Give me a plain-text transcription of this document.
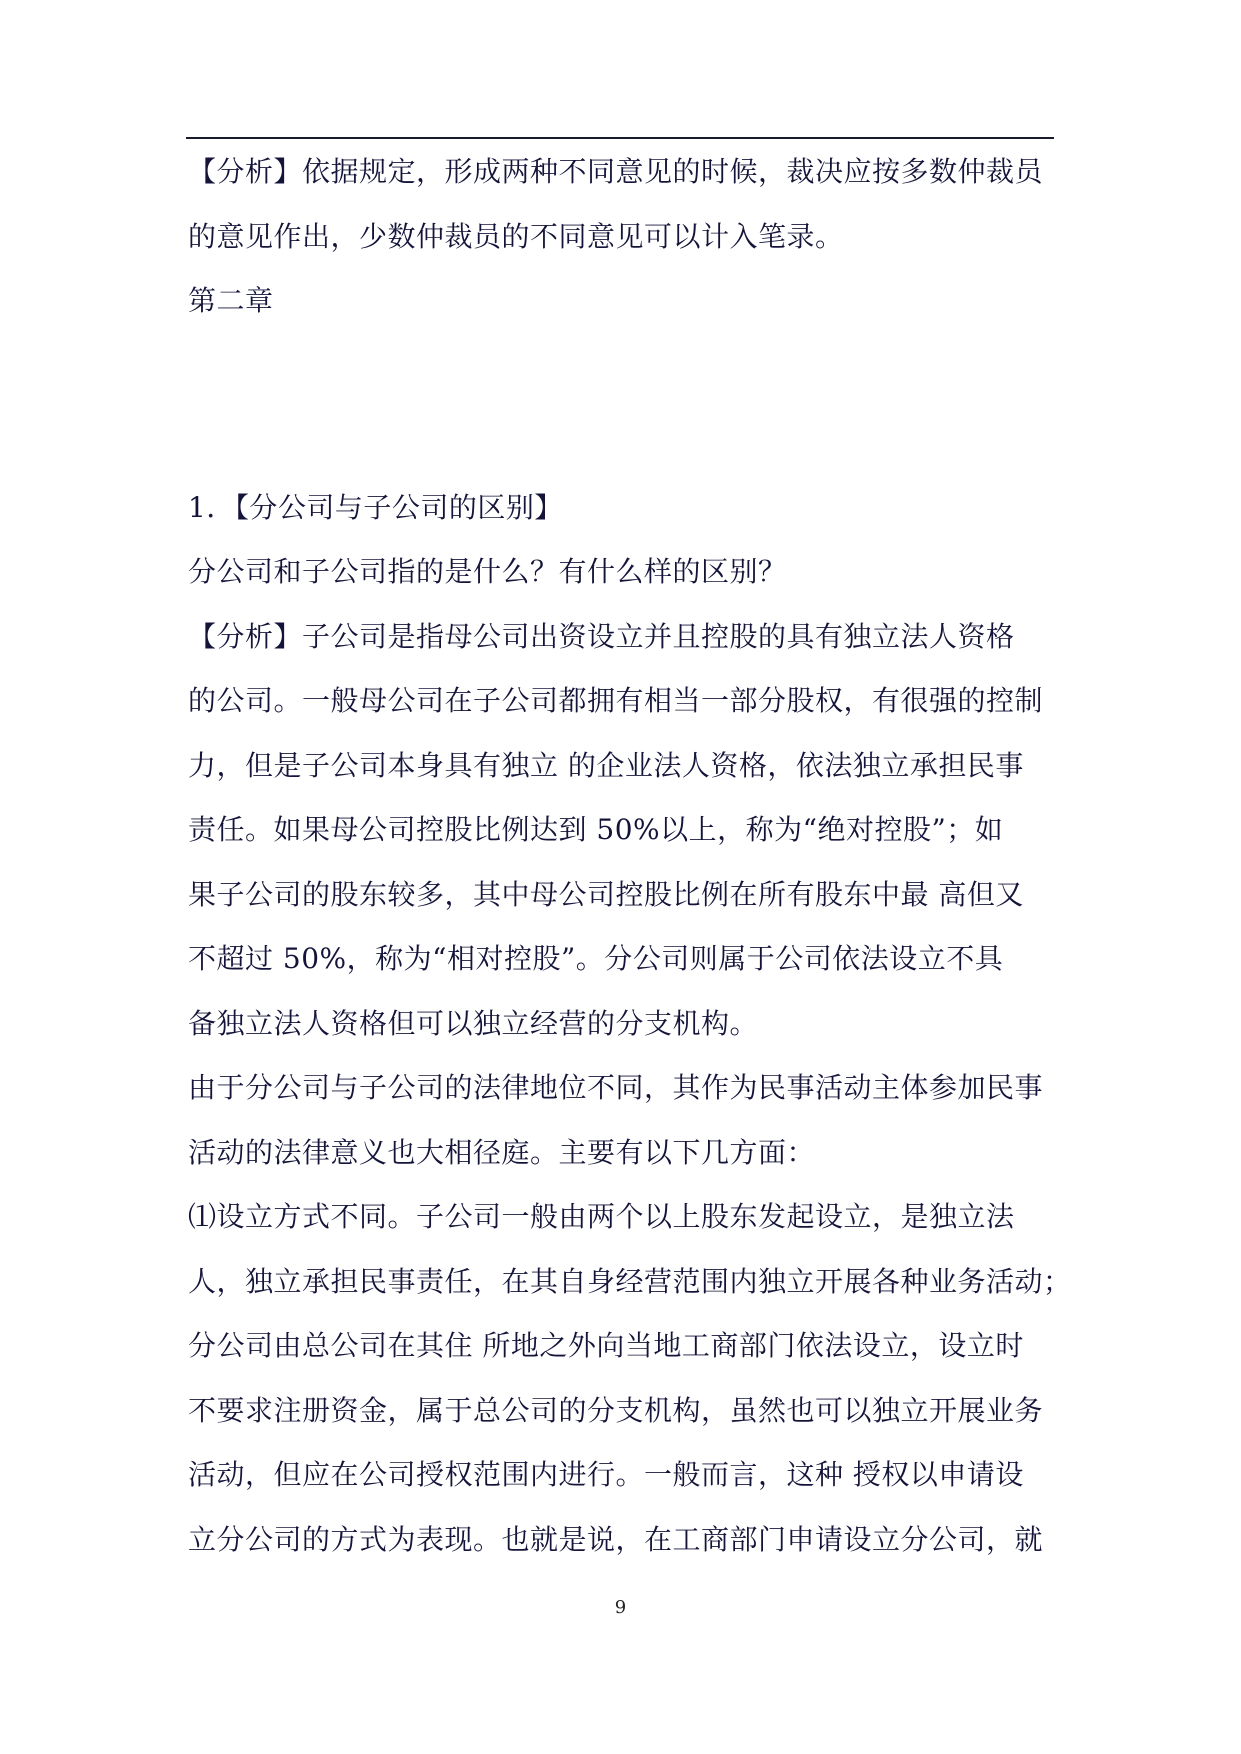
【分析】依据规定，形成两种不同意见的时候，裁决应按多数仲裁员
的意见作出，少数仲裁员的不同意见可以计入笔录。
第二章
1．【分公司与子公司的区别】
分公司和子公司指的是什么？有什么样的区别？
【分析】子公司是指母公司出资设立并且控股的具有独立法人资格
的公司。一般母公司在子公司都拥有相当一部分股权，有很强的控制
力，但是子公司本身具有独立 的企业法人资格，依法独立承担民事
责任。如果母公司控股比例达到 50%以上，称为“绝对控股”；如
果子公司的股东较多，其中母公司控股比例在所有股东中最 高但又
不超过 50%，称为“相对控股”。分公司则属于公司依法设立不具
备独立法人资格但可以独立经营的分支机构。
由于分公司与子公司的法律地位不同，其作为民事活动主体参加民事
活动的法律意义也大相径庭。主要有以下几方面：
⑴设立方式不同。子公司一般由两个以上股东发起设立，是独立法
人，独立承担民事责任，在其自身经营范围内独立开展各种业务活动；
分公司由总公司在其住 所地之外向当地工商部门依法设立，设立时
不要求注册资金，属于总公司的分支机构，虽然也可以独立开展业务
活动，但应在公司授权范围内进行。一般而言，这种 授权以申请设
立分公司的方式为表现。也就是说，在工商部门申请设立分公司，就
9
